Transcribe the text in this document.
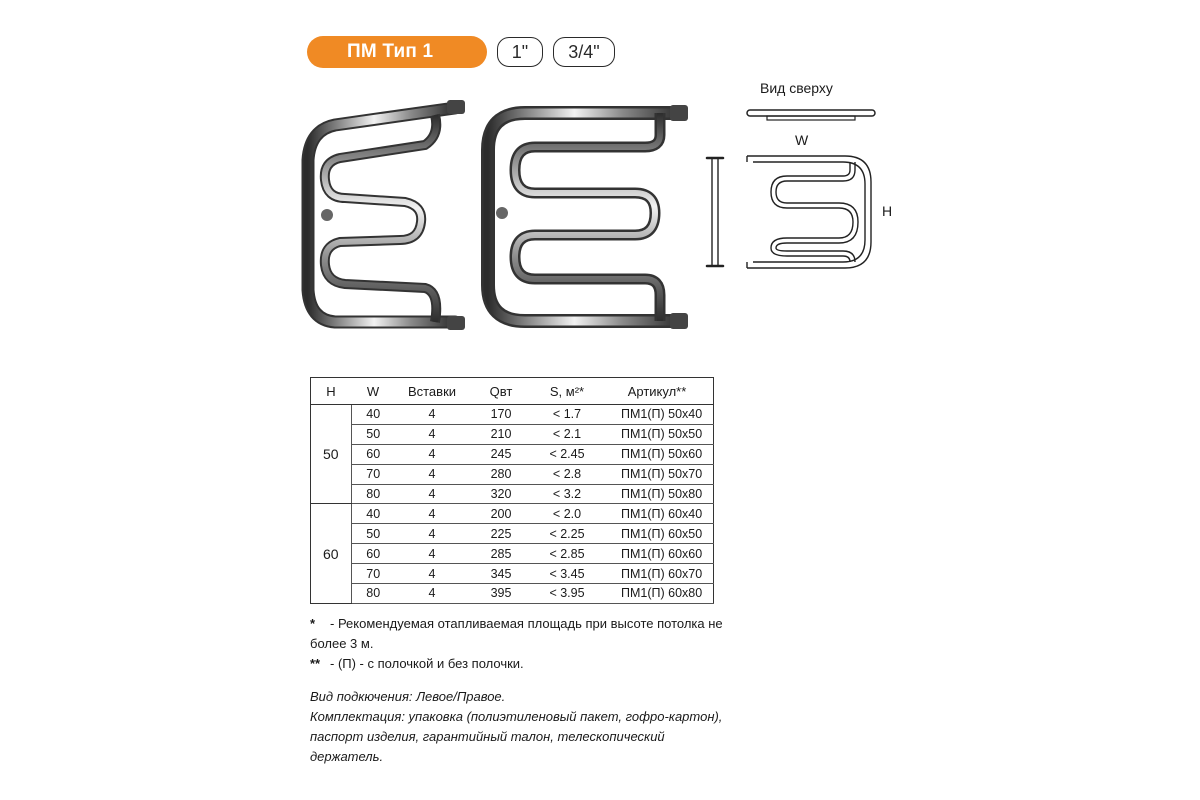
ПМ Тип 1	1"	3/4"
Вид сверху
W
H
H	W	Вставки	Qвт	S, м²*	Артикул**
50	40	4	170	< 1.7	ПМ1(П) 50х40
	50	4	210	< 2.1	ПМ1(П) 50х50
	60	4	245	< 2.45	ПМ1(П) 50х60
	70	4	280	< 2.8	ПМ1(П) 50х70
	80	4	320	< 3.2	ПМ1(П) 50х80
60	40	4	200	< 2.0	ПМ1(П) 60х40
	50	4	225	< 2.25	ПМ1(П) 60х50
	60	4	285	< 2.85	ПМ1(П) 60х60
	70	4	345	< 3.45	ПМ1(П) 60х70
	80	4	395	< 3.95	ПМ1(П) 60х80
* - Рекомендуемая отапливаемая площадь при высоте потолка не более 3 м.
** - (П) - с полочкой и без полочки.
Вид подкючения: Левое/Правое.
Комплектация: упаковка (полиэтиленовый пакет, гофро-картон), паспорт изделия, гарантийный талон, телескопический держатель.
